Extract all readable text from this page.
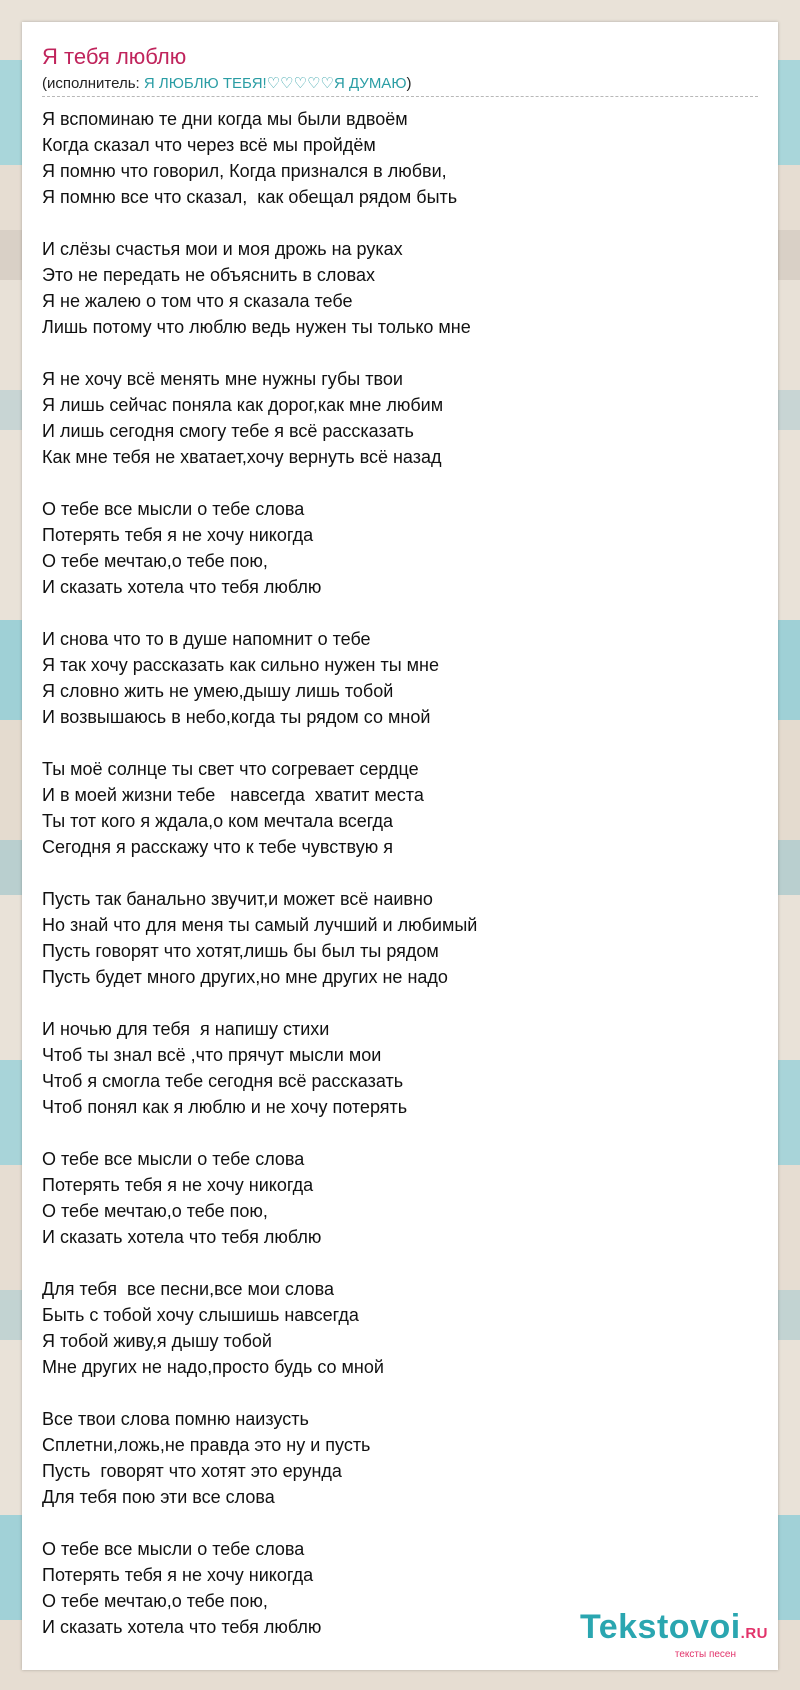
Я тебя люблю
(исполнитель: Я ЛЮБЛЮ ТЕБЯ!♡♡♡♡♡Я ДУМАЮ)
Я вспоминаю те дни когда мы были вдвоём
Когда сказал что через всё мы пройдём
Я помню что говорил, Когда признался в любви,
Я помню все что сказал,  как обещал рядом быть

И слёзы счастья мои и моя дрожь на руках
Это не передать не объяснить в словах
Я не жалею о том что я сказала тебе
Лишь потому что люблю ведь нужен ты только мне

Я не хочу всё менять мне нужны губы твои
Я лишь сейчас поняла как дорог,как мне любим
И лишь сегодня смогу тебе я всё рассказать
Как мне тебя не хватает,хочу вернуть всё назад

О тебе все мысли о тебе слова
Потерять тебя я не хочу никогда
О тебе мечтаю,о тебе пою,
И сказать хотела что тебя люблю

И снова что то в душе напомнит о тебе
Я так хочу рассказать как сильно нужен ты мне
Я словно жить не умею,дышу лишь тобой
И возвышаюсь в небо,когда ты рядом со мной

Ты моё солнце ты свет что согревает сердце
И в моей жизни тебе   навсегда  хватит места
Ты тот кого я ждала,о ком мечтала всегда
Сегодня я расскажу что к тебе чувствую я

Пусть так банально звучит,и может всё наивно
Но знай что для меня ты самый лучший и любимый
Пусть говорят что хотят,лишь бы был ты рядом
Пусть будет много других,но мне других не надо

И ночью для тебя  я напишу стихи
Чтоб ты знал всё ,что прячут мысли мои
Чтоб я смогла тебе сегодня всё рассказать
Чтоб понял как я люблю и не хочу потерять

О тебе все мысли о тебе слова
Потерять тебя я не хочу никогда
О тебе мечтаю,о тебе пою,
И сказать хотела что тебя люблю

Для тебя  все песни,все мои слова
Быть с тобой хочу слышишь навсегда
Я тобой живу,я дышу тобой
Мне других не надо,просто будь со мной

Все твои слова помню наизусть
Сплетни,ложь,не правда это ну и пусть
Пусть  говорят что хотят это ерунда
Для тебя пою эти все слова

О тебе все мысли о тебе слова
Потерять тебя я не хочу никогда
О тебе мечтаю,о тебе пою,
И сказать хотела что тебя люблю	Tekstovoi.RU
тексты песен
